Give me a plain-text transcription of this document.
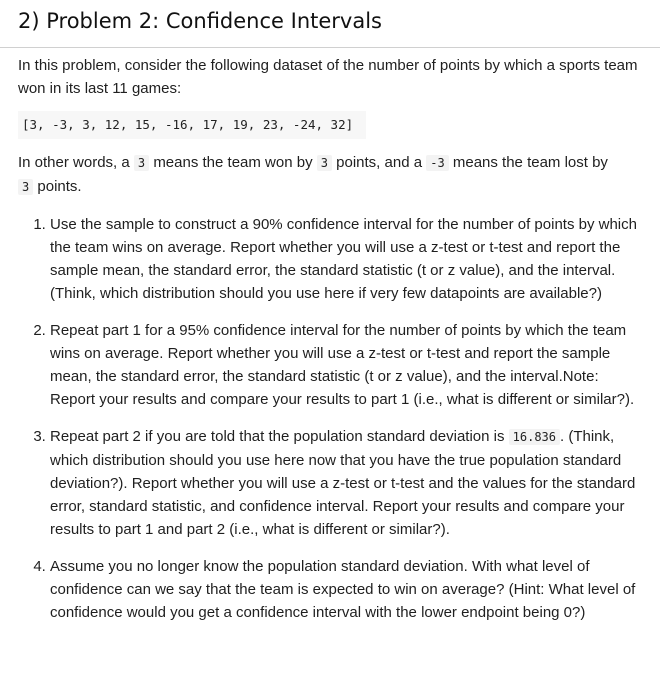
2) Problem 2: Confidence Intervals

In this problem, consider the following dataset of the number of points by which a sports team won in its last 11 games:

[3, -3, 3, 12, 15, -16, 17, 19, 23, -24, 32]

In other words, a 3 means the team won by 3 points, and a -3 means the team lost by
3 points.

1. Use the sample to construct a 90% confidence interval for the number of points by which the team wins on average. Report whether you will use a z-test or t-test and report the sample mean, the standard error, the standard statistic (t or z value), and the interval. (Think, which distribution should you use here if very few datapoints are available?)
2. Repeat part 1 for a 95% confidence interval for the number of points by which the team wins on average. Report whether you will use a z-test or t-test and report the sample mean, the standard error, the standard statistic (t or z value), and the interval.Note: Report your results and compare your results to part 1 (i.e., what is different or similar?).
3. Repeat part 2 if you are told that the population standard deviation is 16.836 . (Think, which distribution should you use here now that you have the true population standard deviation?). Report whether you will use a z-test or t-test and the values for the standard error, standard statistic, and confidence interval. Report your results and compare your results to part 1 and part 2 (i.e., what is different or similar?).
4. Assume you no longer know the population standard deviation. With what level of confidence can we say that the team is expected to win on average? (Hint: What level of confidence would you get a confidence interval with the lower endpoint being 0?)
